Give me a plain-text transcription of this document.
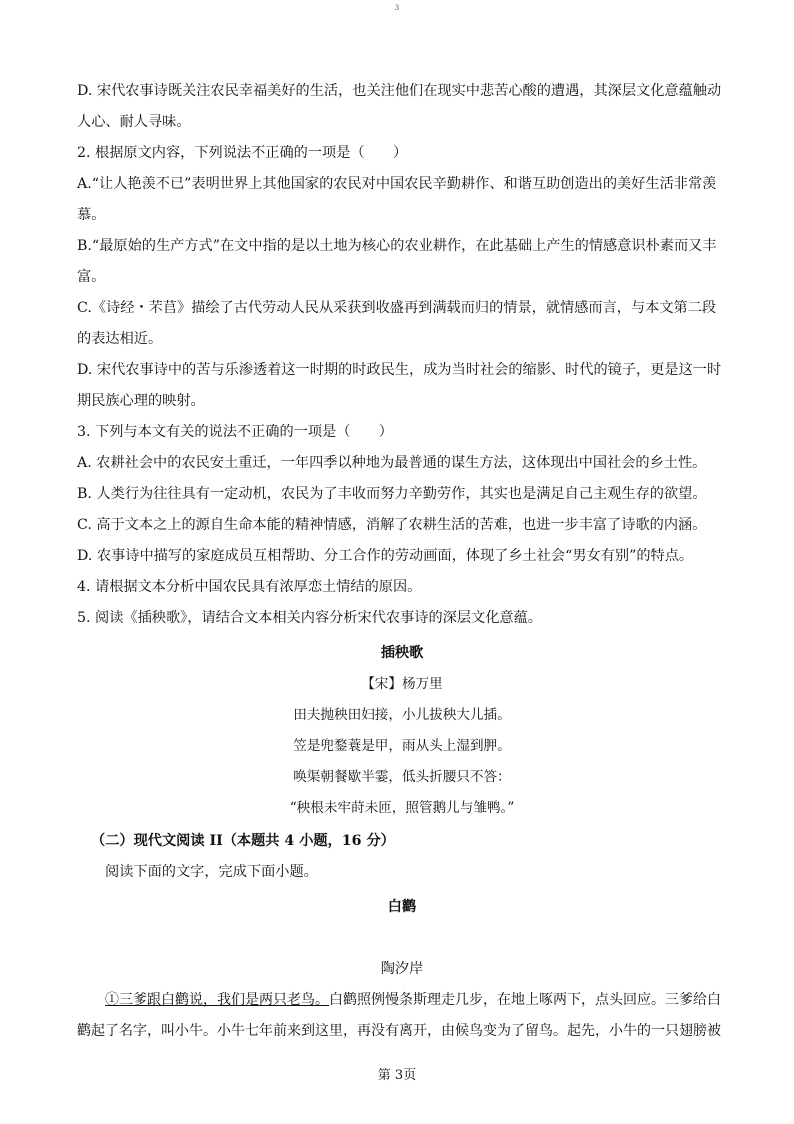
3

D. 宋代农事诗既关注农民幸福美好的生活，也关注他们在现实中悲苦心酸的遭遇，其深层文化意蕴触动人心、耐人寻味。

2. 根据原文内容，下列说法不正确的一项是（　　）

A.“让人艳羡不已”表明世界上其他国家的农民对中国农民辛勤耕作、和谐互助创造出的美好生活非常羡慕。

B.“最原始的生产方式”在文中指的是以土地为核心的农业耕作，在此基础上产生的情感意识朴素而又丰富。

C.《诗经・芣苢》描绘了古代劳动人民从采获到收盛再到满载而归的情景，就情感而言，与本文第二段的表达相近。

D. 宋代农事诗中的苦与乐渗透着这一时期的时政民生，成为当时社会的缩影、时代的镜子，更是这一时期民族心理的映射。

3. 下列与本文有关的说法不正确的一项是（　　）

A. 农耕社会中的农民安土重迁，一年四季以种地为最普通的谋生方法，这体现出中国社会的乡土性。

B. 人类行为往往具有一定动机，农民为了丰收而努力辛勤劳作，其实也是满足自己主观生存的欲望。

C. 高于文本之上的源自生命本能的精神情感，消解了农耕生活的苦难，也进一步丰富了诗歌的内涵。

D. 农事诗中描写的家庭成员互相帮助、分工合作的劳动画面，体现了乡土社会“男女有别”的特点。

4. 请根据文本分析中国农民具有浓厚恋土情结的原因。

5. 阅读《插秧歌》，请结合文本相关内容分析宋代农事诗的深层文化意蕴。

插秧歌

【宋】杨万里

田夫抛秧田妇接，小儿拔秧大儿插。

笠是兜鍪蓑是甲，雨从头上湿到胛。

唤渠朝餐歇半霎，低头折腰只不答：

“秧根未牢莳未匝，照管鹅儿与雏鸭。”

（二）现代文阅读 II（本题共 4 小题，16 分）

阅读下面的文字，完成下面小题。

白鹳

陶汐岸

①三爹跟白鹳说，我们是两只老鸟。白鹳照例慢条斯理走几步，在地上啄两下，点头回应。三爹给白鹳起了名字，叫小牛。小牛七年前来到这里，再没有离开，由候鸟变为了留鸟。起先，小牛的一只翅膀被

第 3页
